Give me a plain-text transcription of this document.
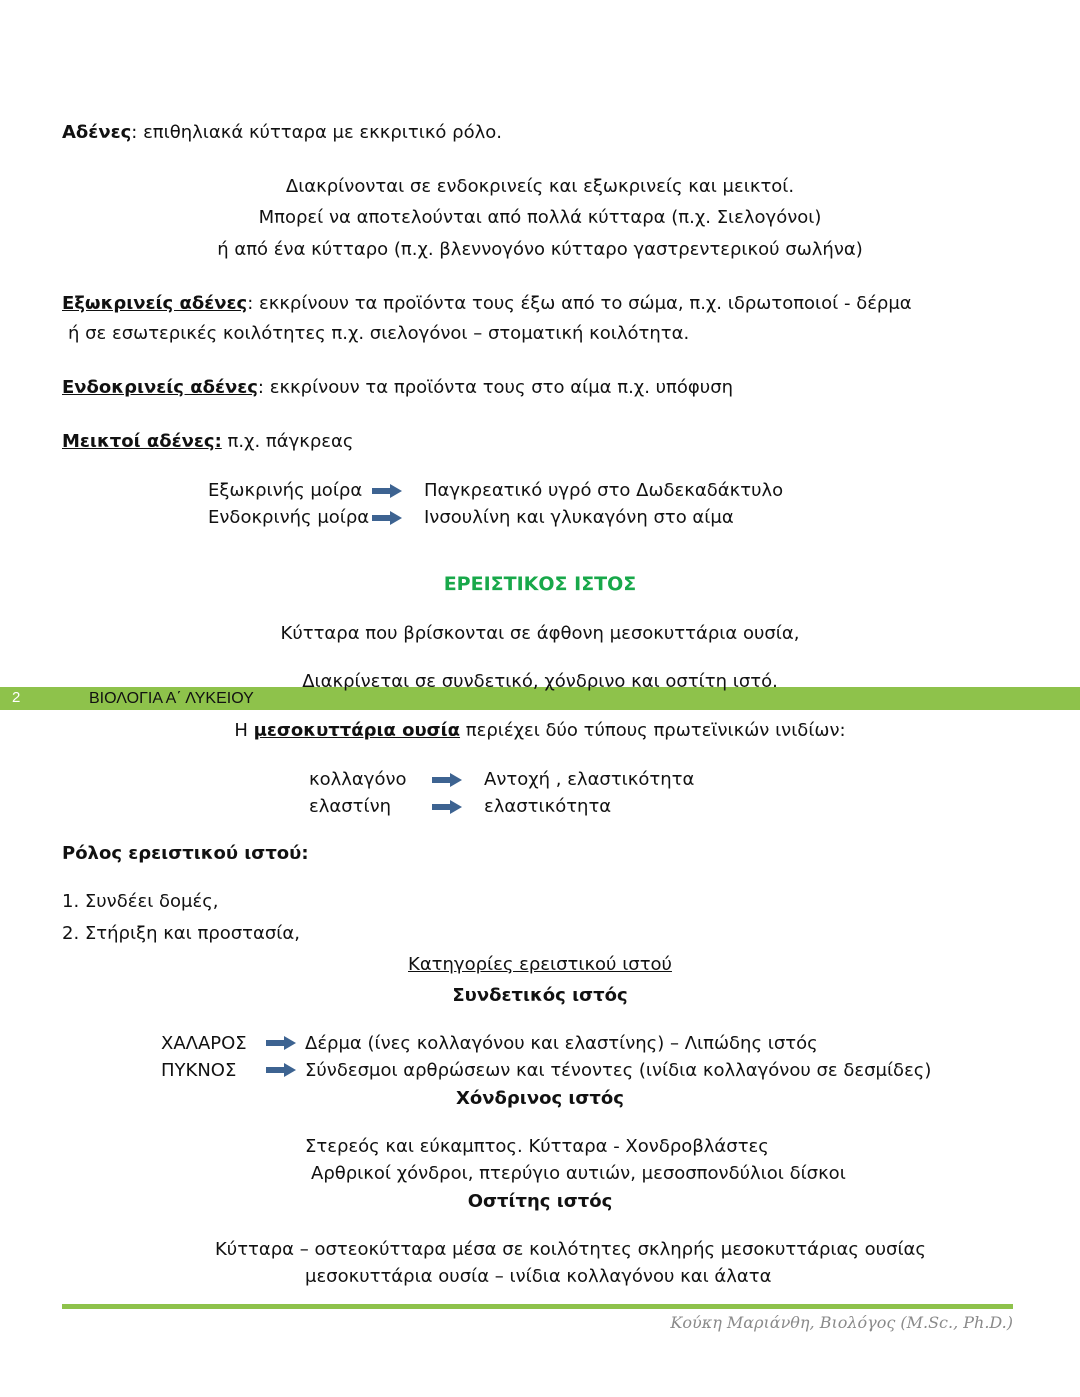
Αδένες: επιθηλιακά κύτταρα με εκκριτικό ρόλο.
Διακρίνονται σε ενδοκρινείς και εξωκρινείς και μεικτοί.
Μπορεί να αποτελούνται από πολλά κύτταρα (π.χ. Σιελογόνοι)
ή από ένα κύτταρο (π.χ. βλεννογόνο κύτταρο γαστρεντερικού σωλήνα)
Εξωκρινείς αδένες: εκκρίνουν τα προϊόντα τους έξω από το σώμα, π.χ. ιδρωτοποιοί - δέρμα
ή σε εσωτερικές κοιλότητες π.χ. σιελογόνοι – στοματική κοιλότητα.
Ενδοκρινείς αδένες: εκκρίνουν τα προϊόντα τους στο αίμα π.χ. υπόφυση
Μεικτοί αδένες: π.χ. πάγκρεας
Εξωκρινής μοίρα	Παγκρεατικό υγρό στο Δωδεκαδάκτυλο
Ενδοκρινής μοίρα	Ινσουλίνη και γλυκαγόνη στο αίμα
ΕΡΕΙΣΤΙΚΟΣ ΙΣΤΟΣ
Κύτταρα που βρίσκονται σε άφθονη μεσοκυττάρια ουσία,
2	ΒΙΟΛΟΓΙΑ Α΄ ΛΥΚΕΙΟΥ
Διακρίνεται σε συνδετικό, χόνδρινο και οστίτη ιστό.
Η μεσοκυττάρια ουσία περιέχει δύο τύπους πρωτεϊνικών ινιδίων:
κολλαγόνο	Αντοχή , ελαστικότητα
ελαστίνη	ελαστικότητα
Ρόλος ερειστικού ιστού:
1. Συνδέει δομές,
2. Στήριξη και προστασία,
Κατηγορίες ερειστικού ιστού
Συνδετικός ιστός
ΧΑΛΑΡΟΣ	Δέρμα (ίνες κολλαγόνου και ελαστίνης) – Λιπώδης ιστός
ΠΥΚΝΟΣ	Σύνδεσμοι αρθρώσεων και τένοντες (ινίδια κολλαγόνου σε δεσμίδες)
Χόνδρινος ιστός
Στερεός και εύκαμπτος. Κύτταρα - Χονδροβλάστες
Αρθρικοί χόνδροι, πτερύγιο αυτιών, μεσοσπονδύλιοι δίσκοι
Οστίτης ιστός
Κύτταρα – οστεοκύτταρα μέσα σε κοιλότητες σκληρής μεσοκυττάριας ουσίας
μεσοκυττάρια ουσία – ινίδια κολλαγόνου και άλατα
Κούκη Μαριάνθη, Βιολόγος (M.Sc., Ph.D.)
